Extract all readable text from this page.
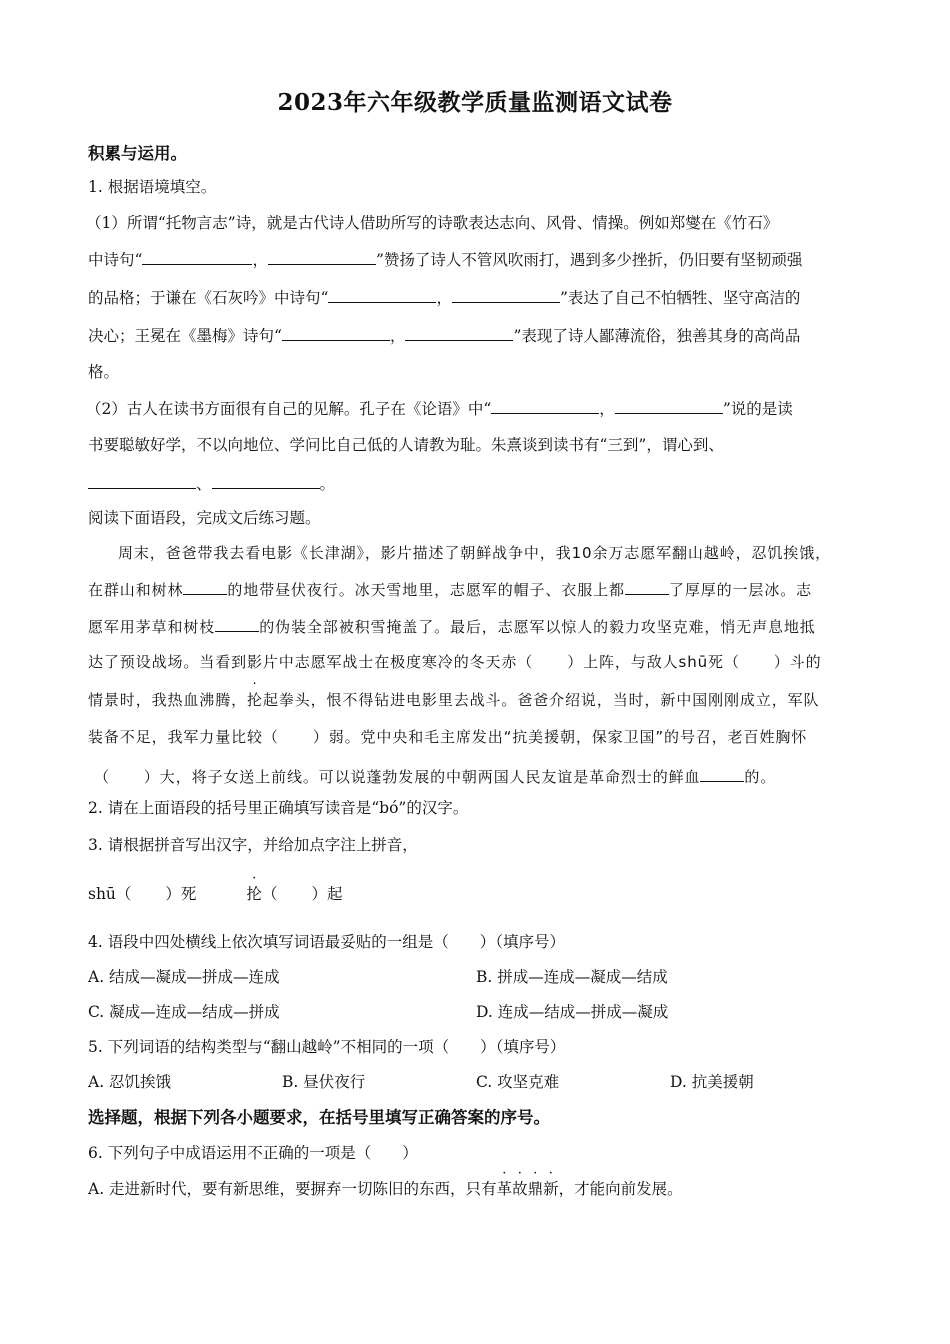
2023年六年级教学质量监测语文试卷
积累与运用。
1. 根据语境填空。
（1）所谓“托物言志”诗，就是古代诗人借助所写的诗歌表达志向、风骨、情操。例如郑燮在《竹石》
中诗句“	，	”赞扬了诗人不管风吹雨打，遇到多少挫折，仍旧要有坚韧顽强
的品格；于谦在《石灰吟》中诗句“	，	”表达了自己不怕牺牲、坚守高洁的
决心；王冕在《墨梅》诗句“	，	”表现了诗人鄙薄流俗，独善其身的高尚品
格。
（2）古人在读书方面很有自己的见解。孔子在《论语》中“	，	”说的是读
书要聪敏好学，不以向地位、学问比自己低的人请教为耻。朱熹谈到读书有“三到”，谓心到、
、	。
阅读下面语段，完成文后练习题。
周末，爸爸带我去看电影《长津湖》，影片描述了朝鲜战争中，我10余万志愿军翻山越岭，忍饥挨饿，
在群山和树林	的地带昼伏夜行。冰天雪地里，志愿军的帽子、衣服上都	了厚厚的一层冰。志
愿军用茅草和树枝	的伪装全部被积雪掩盖了。最后，志愿军以惊人的毅力攻坚克难，悄无声息地抵
达了预设战场。当看到影片中志愿军战士在极度寒冷的冬天赤（ ）上阵，与敌人shū死（ ）斗的
情景时，我热血沸腾，抡起拳头，恨不得钻进电影里去战斗。爸爸介绍说，当时，新中国刚刚成立，军队
装备不足，我军力量比较（ ）弱。党中央和毛主席发出“抗美援朝，保家卫国”的号召，老百姓胸怀
（ ）大，将子女送上前线。可以说蓬勃发展的中朝两国人民友谊是革命烈士的鲜血	的。
2. 请在上面语段的括号里正确填写读音是“bó”的汉字。
3. 请根据拼音写出汉字，并给加点字注上拼音，
shū（ ）死	抡（ ）起
4. 语段中四处横线上依次填写词语最妥贴的一组是（　　）（填序号）
A. 结成—凝成—拼成—连成	B. 拼成—连成—凝成—结成
C. 凝成—连成—结成—拼成	D. 连成—结成—拼成—凝成
5. 下列词语的结构类型与“翻山越岭”不相同的一项（　　）（填序号）
A. 忍饥挨饿	B. 昼伏夜行	C. 攻坚克难	D. 抗美援朝
选择题，根据下列各小题要求，在括号里填写正确答案的序号。
6. 下列句子中成语运用不正确的一项是（　　）
A. 走进新时代，要有新思维，要摒弃一切陈旧的东西，只有革故鼎新，才能向前发展。
